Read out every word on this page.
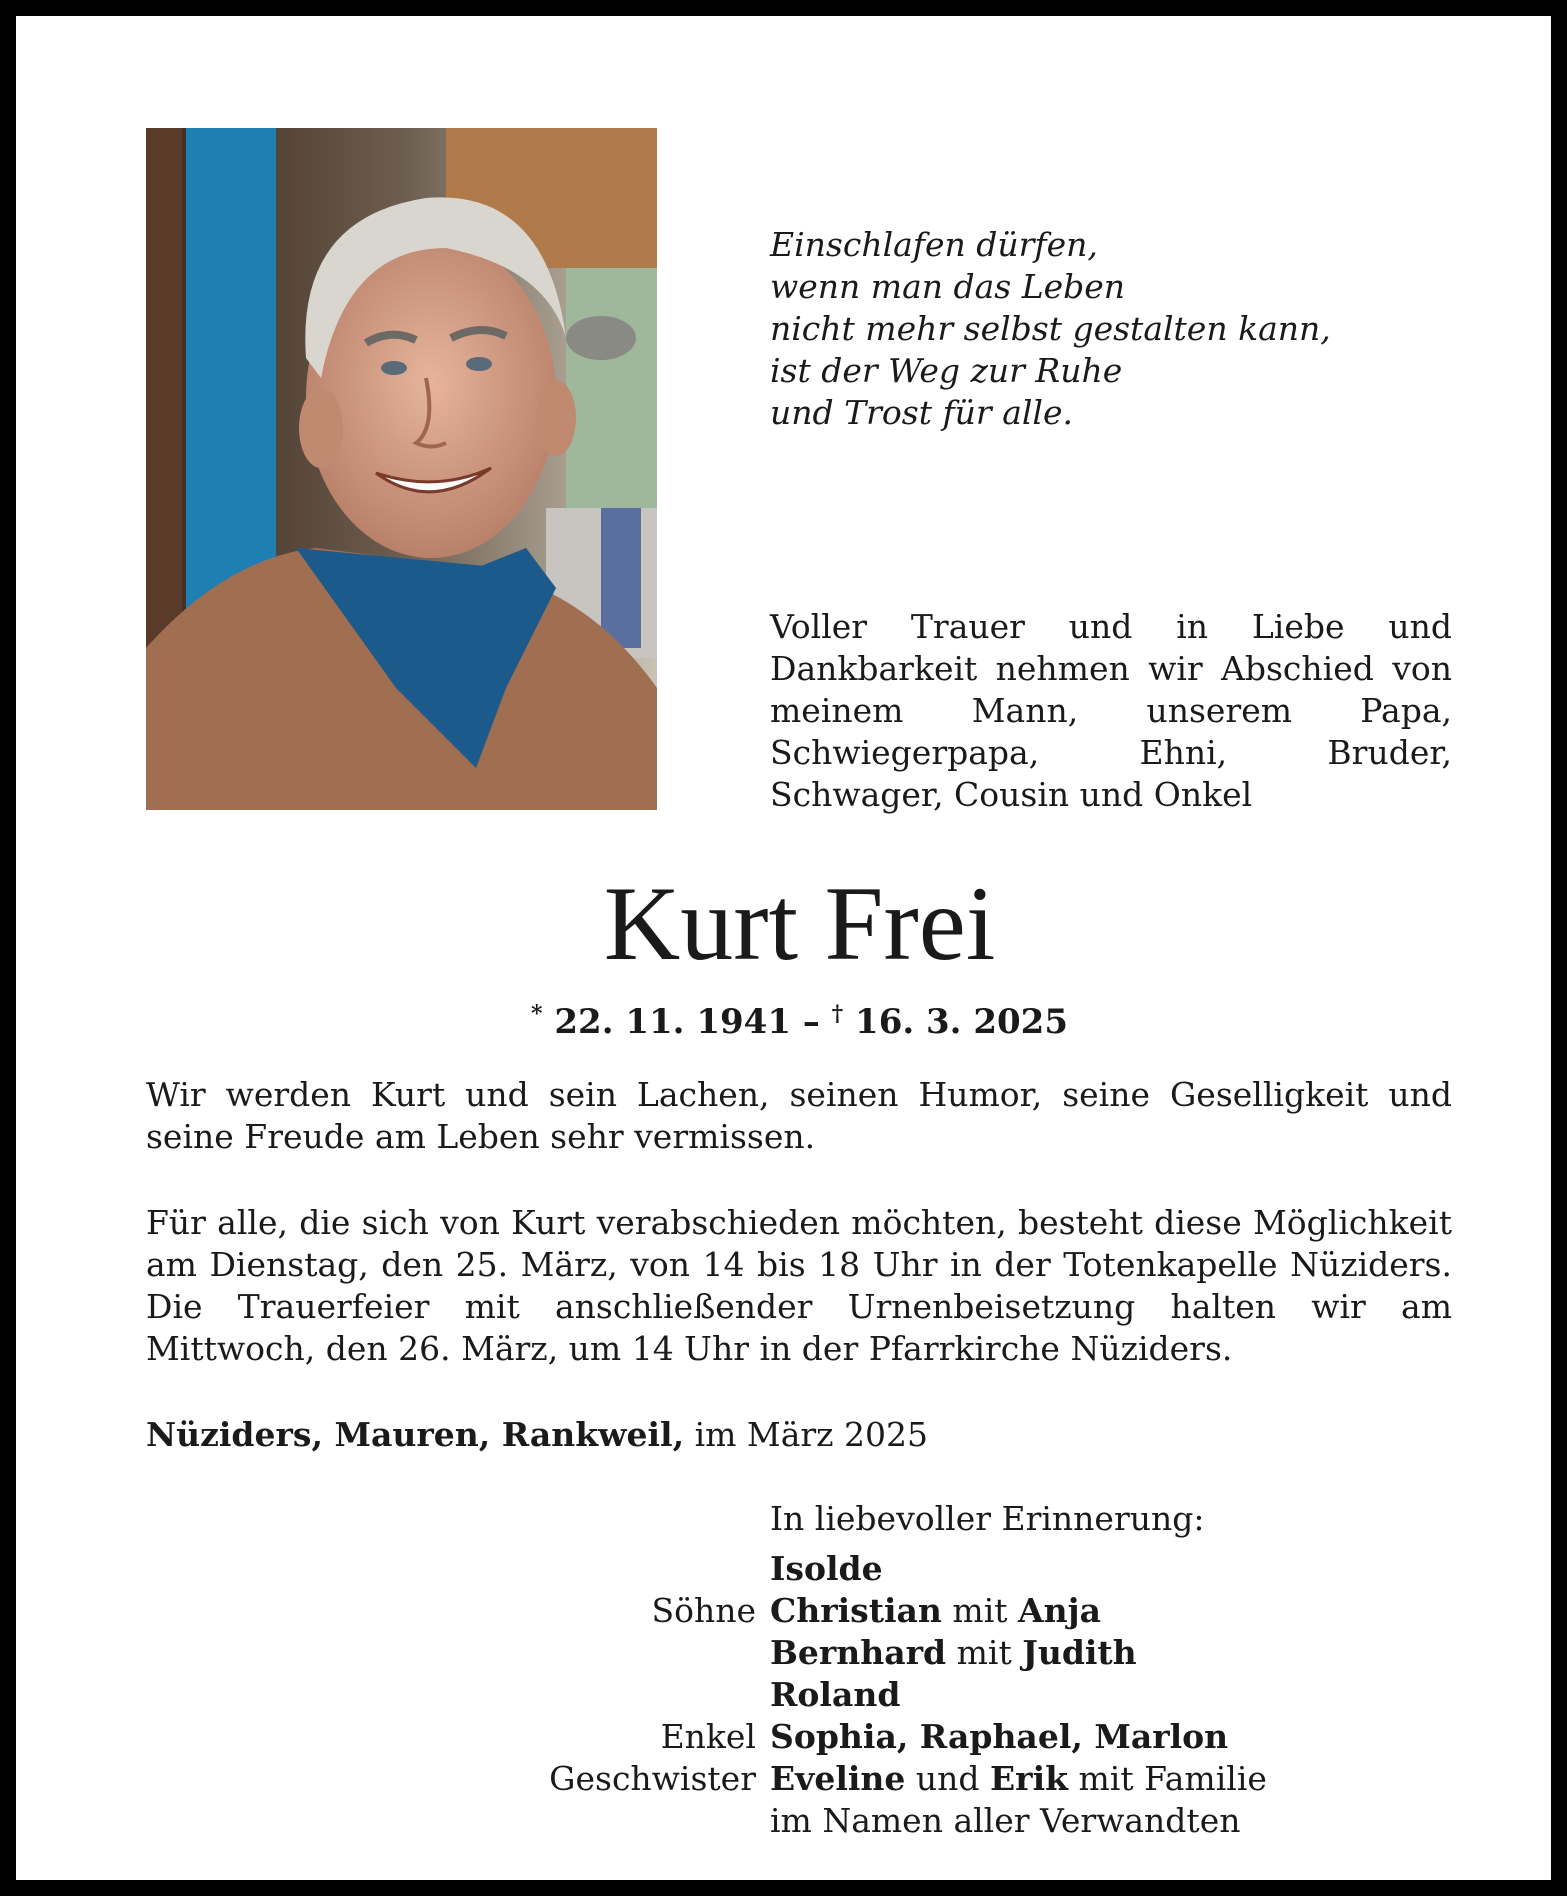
Einschlafen dürfen,
wenn man das Leben
nicht mehr selbst gestalten kann,
ist der Weg zur Ruhe
und Trost für alle.

Voller Trauer und in Liebe und Dankbarkeit nehmen wir Abschied von meinem Mann, unserem Papa, Schwiegerpapa, Ehni, Bruder, Schwager, Cousin und Onkel

Kurt Frei
* 22. 11. 1941 – † 16. 3. 2025

Wir werden Kurt und sein Lachen, seinen Humor, seine Geselligkeit und seine Freude am Leben sehr vermissen.

Für alle, die sich von Kurt verabschieden möchten, besteht diese Möglichkeit am Dienstag, den 25. März, von 14 bis 18 Uhr in der Totenkapelle Nüziders. Die Trauerfeier mit anschließender Urnenbeisetzung halten wir am Mittwoch, den 26. März, um 14 Uhr in der Pfarrkirche Nüziders.

Nüziders, Mauren, Rankweil, im März 2025
In liebevoller Erinnerung:
Isolde
Söhne Christian mit Anja
Bernhard mit Judith
Roland
Enkel Sophia, Raphael, Marlon
Geschwister Eveline und Erik mit Familie
im Namen aller Verwandten
